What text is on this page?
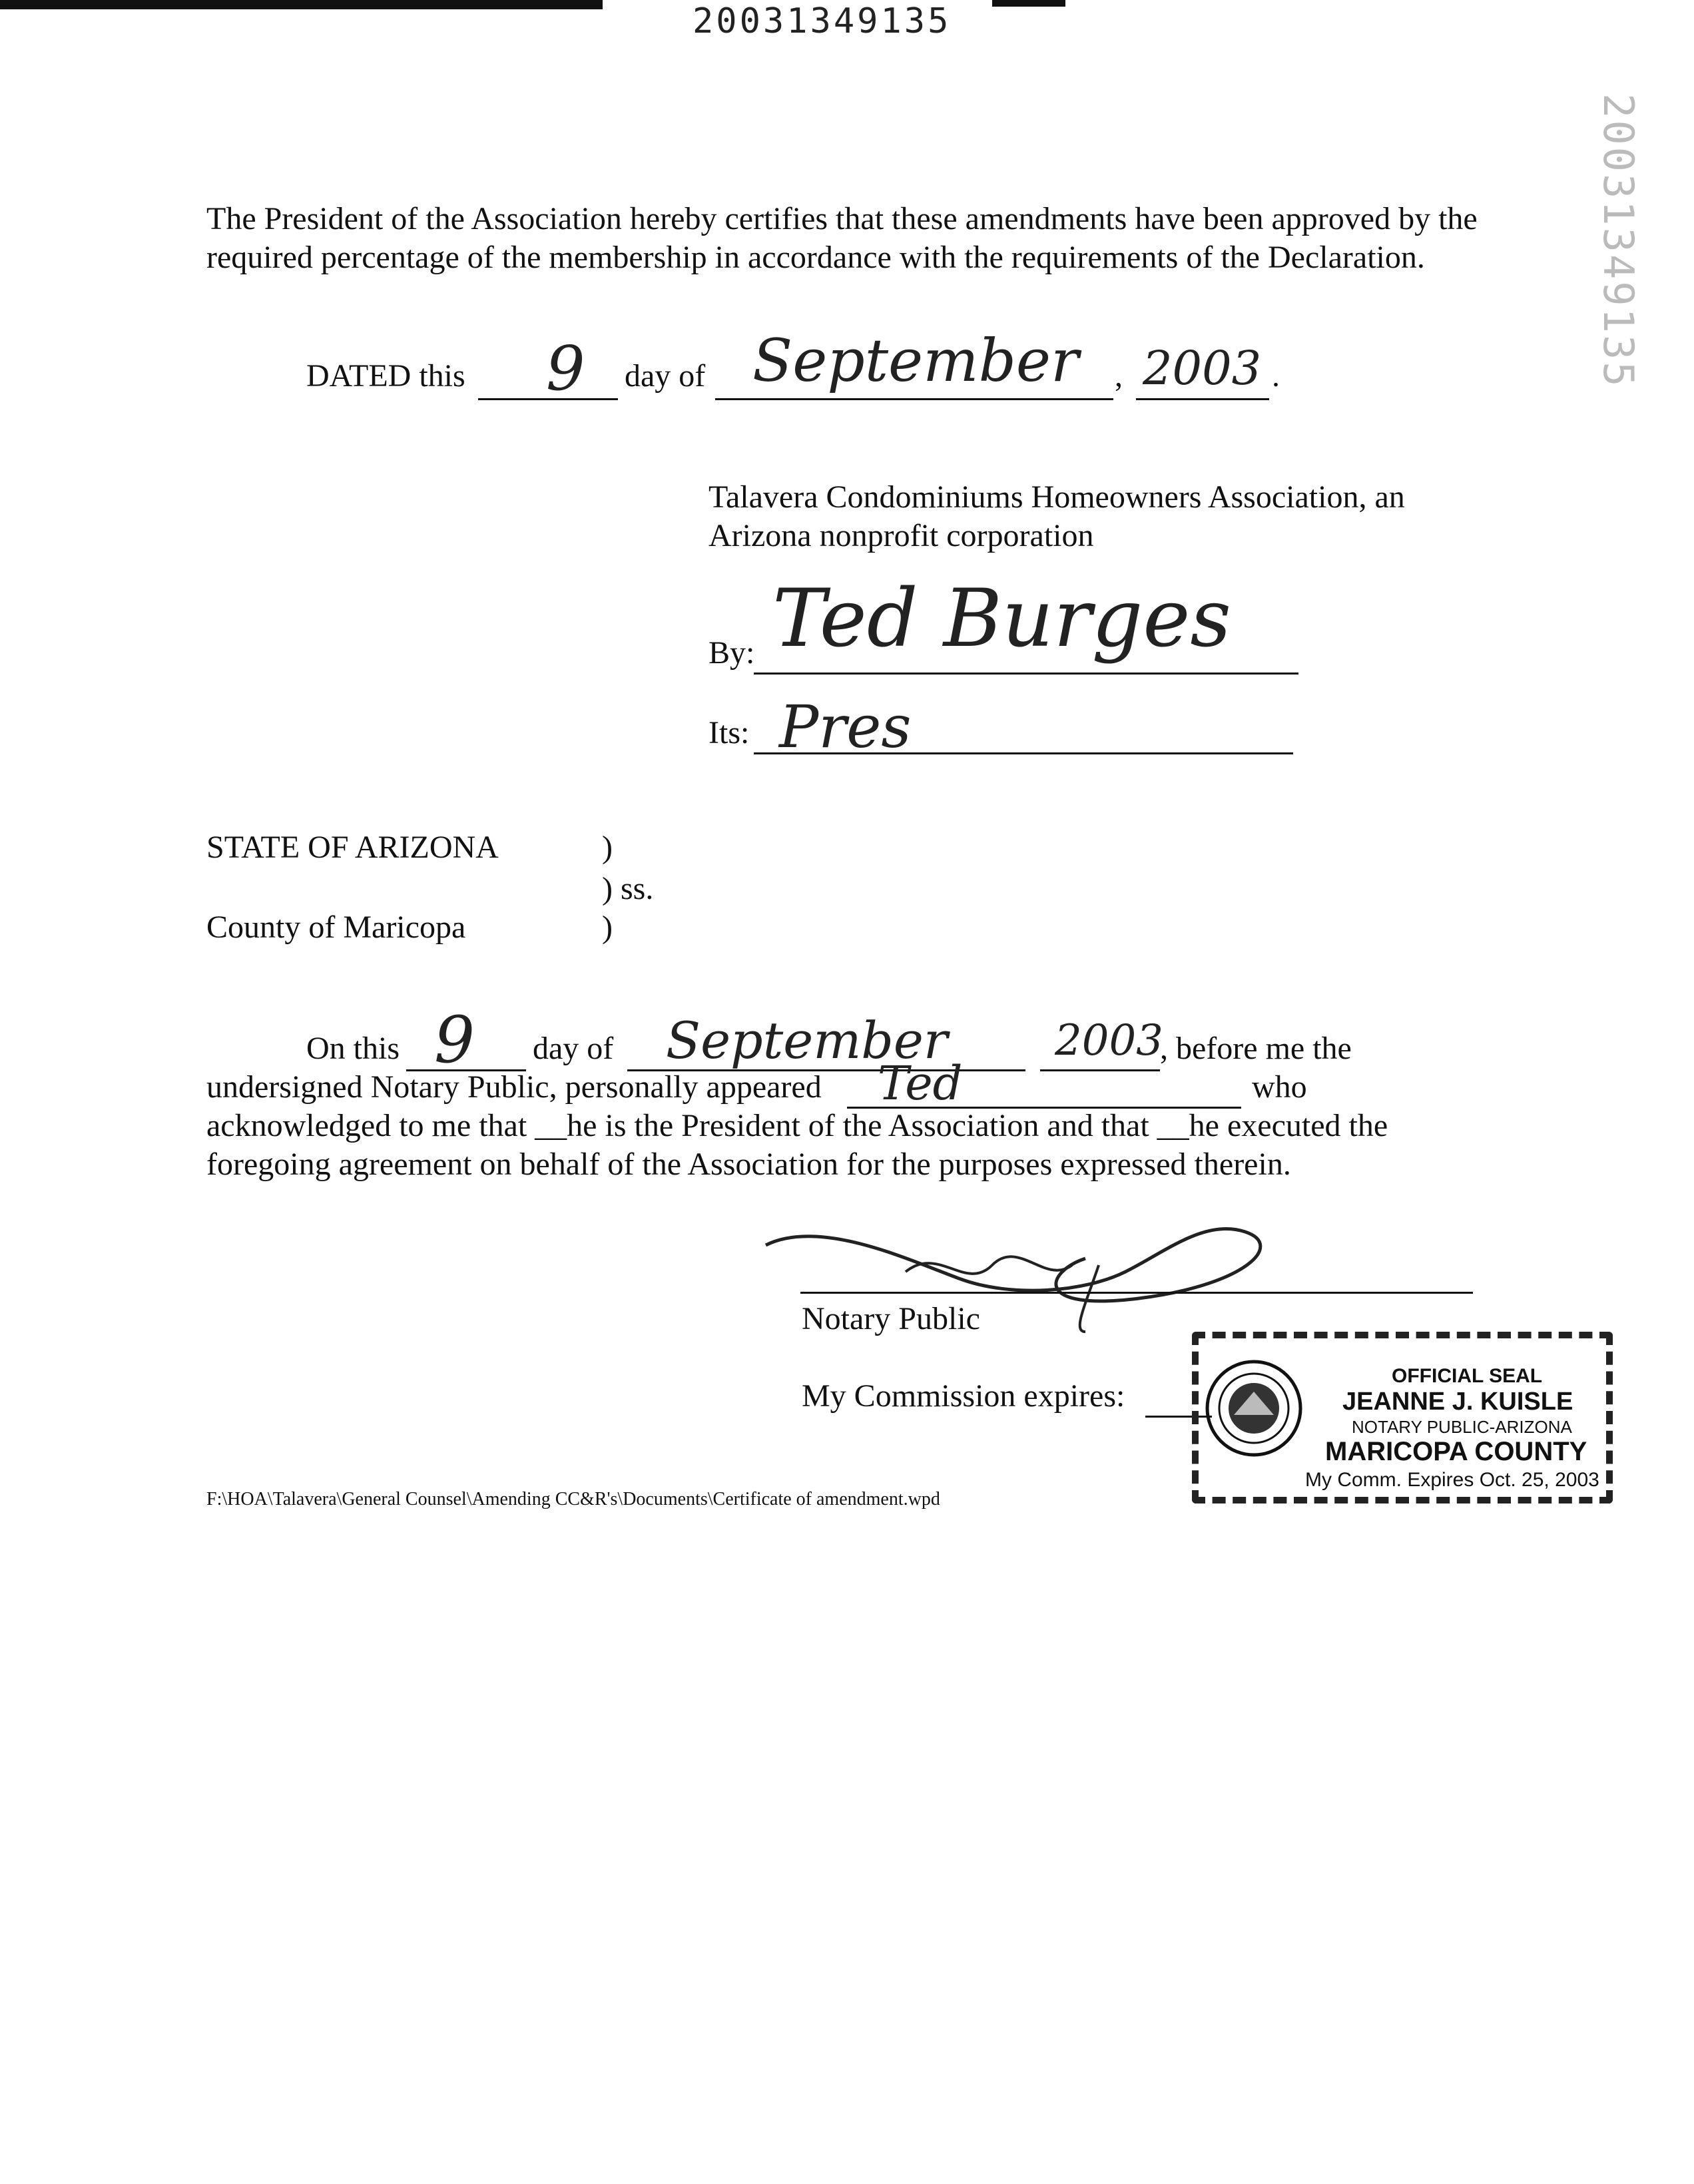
20031349135
20031349135
The President of the Association hereby certifies that these amendments have been approved by the required percentage of the membership in accordance with the requirements of the Declaration.
DATED this 9 day of September , 2003 .
Talavera Condominiums Homeowners Association, an
Arizona nonprofit corporation
By: Ted Burges
Its: Pres
STATE OF ARIZONA	)
) ss.
County of Maricopa	)
On this 9 day of September	2003
, before me the
undersigned Notary Public, personally appeared Ted	who
acknowledged to me that __he is the President of the Association and that __he executed the
foregoing agreement on behalf of the Association for the purposes expressed therein.
Notary Public
My Commission expires:
OFFICIAL SEAL
JEANNE J. KUISLE
NOTARY PUBLIC-ARIZONA
MARICOPA COUNTY
My Comm. Expires Oct. 25, 2003
F:\HOA\Talavera\General Counsel\Amending CC&R's\Documents\Certificate of amendment.wpd
